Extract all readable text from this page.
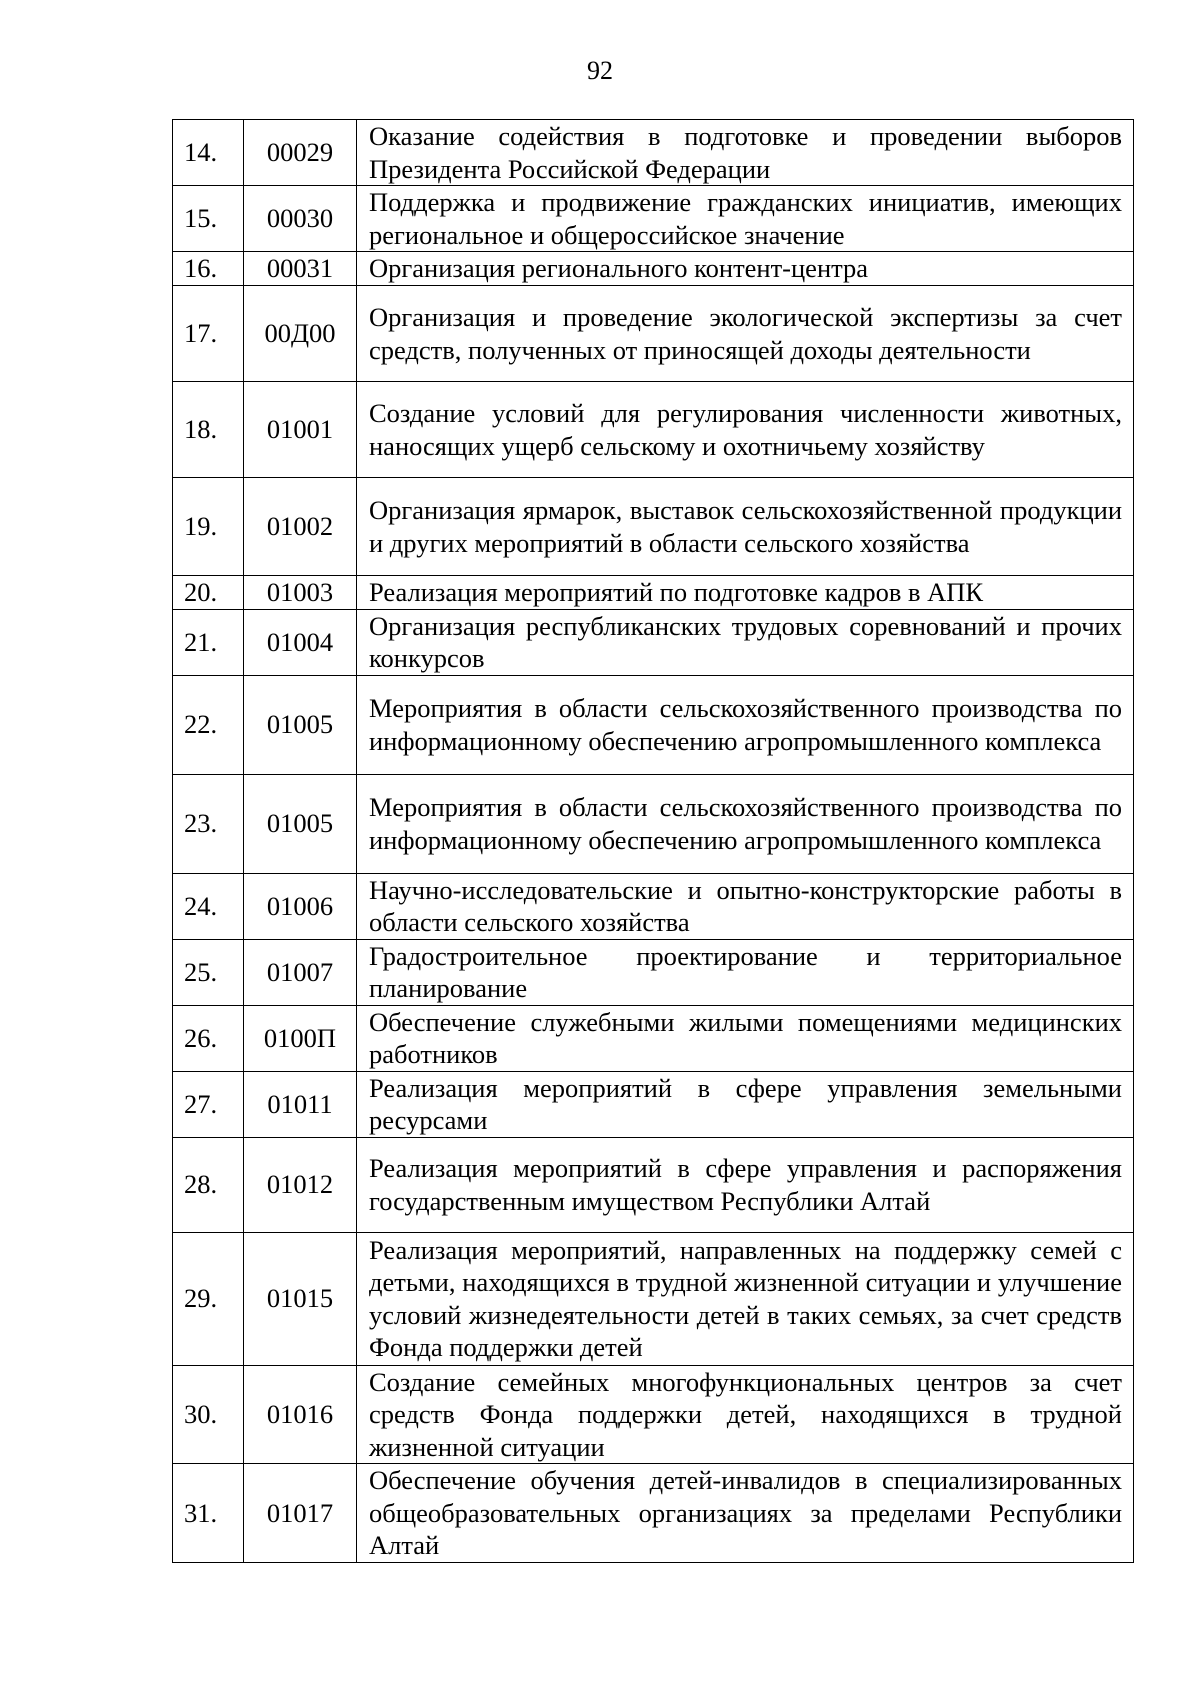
92
14.	00029	Оказание содействия в подготовке и проведении выборов Президента Российской Федерации
15.	00030	Поддержка и продвижение гражданских инициатив, имеющих региональное и общероссийское значение
16.	00031	Организация регионального контент-центра
17.	00Д00	Организация и проведение экологической экспертизы за счет средств, полученных от приносящей доходы деятельности
18.	01001	Создание условий для регулирования численности животных, наносящих ущерб сельскому и охотничьему хозяйству
19.	01002	Организация ярмарок, выставок сельскохозяйственной продукции и других мероприятий в области сельского хозяйства
20.	01003	Реализация мероприятий по подготовке кадров в АПК
21.	01004	Организация республиканских трудовых соревнований и прочих конкурсов
22.	01005	Мероприятия в области сельскохозяйственного производства по информационному обеспечению агропромышленного комплекса
23.	01005	Мероприятия в области сельскохозяйственного производства по информационному обеспечению агропромышленного комплекса
24.	01006	Научно-исследовательские и опытно-конструкторские работы в области сельского хозяйства
25.	01007	Градостроительное проектирование и территориальное планирование
26.	0100П	Обеспечение служебными жилыми помещениями медицинских работников
27.	01011	Реализация мероприятий в сфере управления земельными ресурсами
28.	01012	Реализация мероприятий в сфере управления и распоряжения государственным имуществом Республики Алтай
29.	01015	Реализация мероприятий, направленных на поддержку семей с детьми, находящихся в трудной жизненной ситуации и улучшение условий жизнедеятельности детей в таких семьях, за счет средств Фонда поддержки детей
30.	01016	Создание семейных многофункциональных центров за счет средств Фонда поддержки детей, находящихся в трудной жизненной ситуации
31.	01017	Обеспечение обучения детей-инвалидов в специализированных общеобразовательных организациях за пределами Республики Алтай
